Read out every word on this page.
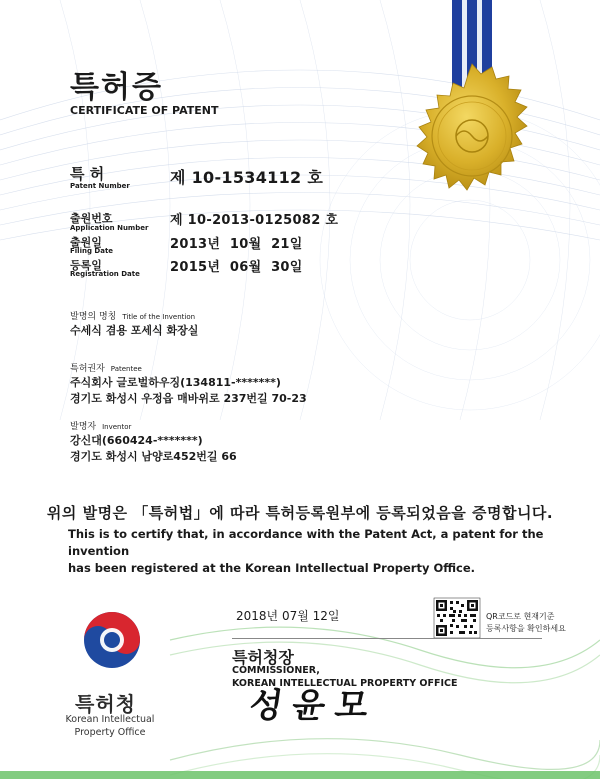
특허증
CERTIFICATE OF PATENT
특 허
Patent Number	제 10-1534112 호
출원번호
Application Number 제 10-2013-0125082 호
출원일
Filing Date	2013년  10월  21일
등록일
Registration Date 2015년  06월  30일
발명의 명칭 Title of the Invention
수세식 겸용 포세식 화장실
특허권자 Patentee
주식회사 글로벌하우징(134811-*******)
경기도 화성시 우정읍 매바위로 237번길 70-23
발명자 Inventor
강신대(660424-*******)
경기도 화성시 남양로452번길 66
위의 발명은 「특허법」에 따라 특허등록원부에 등록되었음을 증명합니다.
This is to certify that, in accordance with the Patent Act, a patent for the invention
has been registered at the Korean Intellectual Property Office.
2018년 07월 12일
특허청장
COMMISSIONER,
KOREAN INTELLECTUAL PROPERTY OFFICE
성윤모
QR코드로 현재기준
등록사항을 확인하세요
특허청
Korean Intellectual
Property Office
